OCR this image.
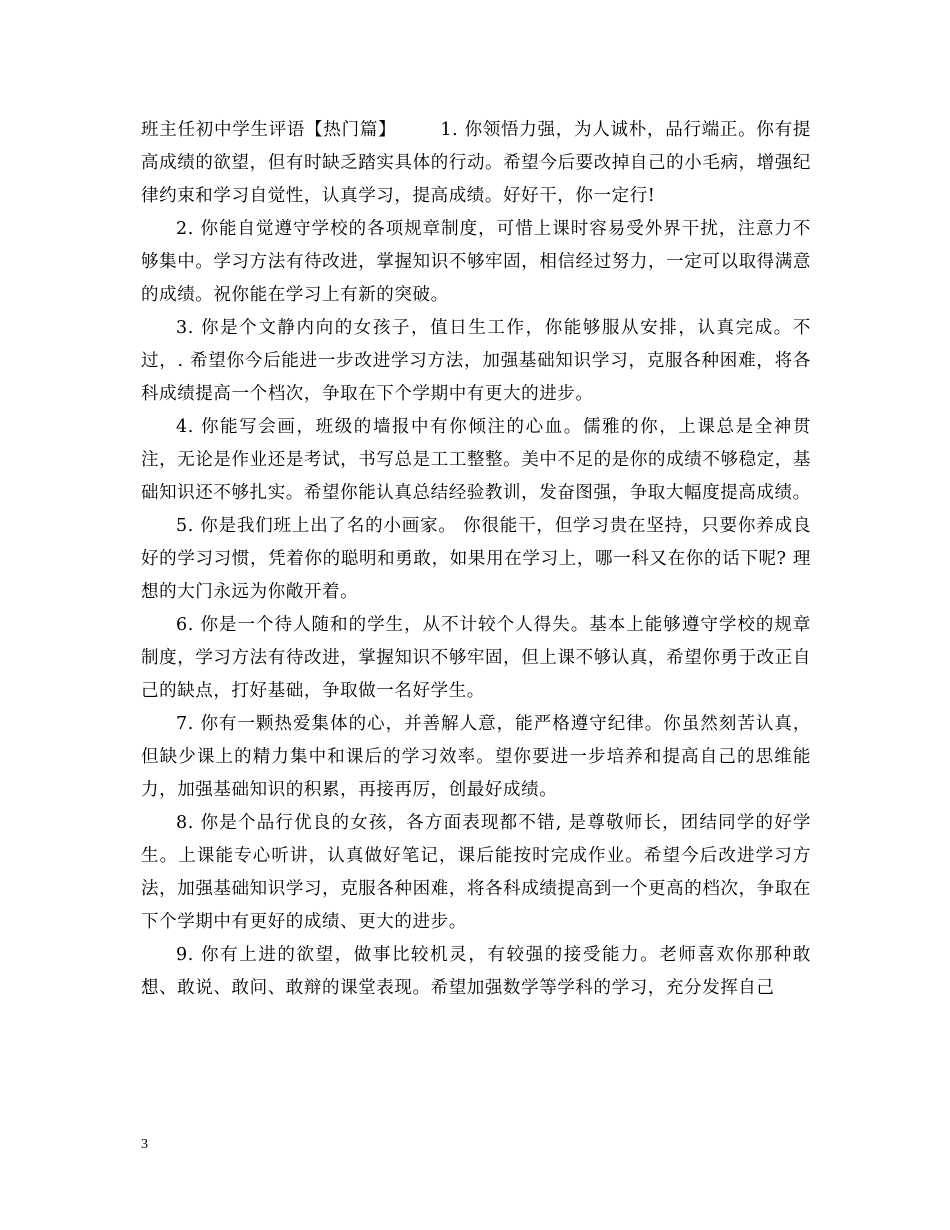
班主任初中学生评语【热门篇】	1. 你领悟力强，为人诚朴，品行端正。你有提高成绩的欲望，但有时缺乏踏实具体的行动。希望今后要改掉自己的小毛病，增强纪律约束和学习自觉性，认真学习，提高成绩。好好干，你一定行!

2. 你能自觉遵守学校的各项规章制度，可惜上课时容易受外界干扰，注意力不够集中。学习方法有待改进，掌握知识不够牢固，相信经过努力，一定可以取得满意的成绩。祝你能在学习上有新的突破。

3. 你是个文静内向的女孩子，值日生工作，你能够服从安排，认真完成。不过，. 希望你今后能进一步改进学习方法，加强基础知识学习，克服各种困难，将各科成绩提高一个档次，争取在下个学期中有更大的进步。

4. 你能写会画，班级的墙报中有你倾注的心血。儒雅的你，上课总是全神贯注，无论是作业还是考试，书写总是工工整整。美中不足的是你的成绩不够稳定，基础知识还不够扎实。希望你能认真总结经验教训，发奋图强，争取大幅度提高成绩。

5. 你是我们班上出了名的小画家。 你很能干，但学习贵在坚持，只要你养成良好的学习习惯，凭着你的聪明和勇敢，如果用在学习上，哪一科又在你的话下呢? 理想的大门永远为你敞开着。

6. 你是一个待人随和的学生，从不计较个人得失。基本上能够遵守学校的规章制度，学习方法有待改进，掌握知识不够牢固，但上课不够认真，希望你勇于改正自己的缺点，打好基础，争取做一名好学生。

7. 你有一颗热爱集体的心，并善解人意，能严格遵守纪律。你虽然刻苦认真，但缺少课上的精力集中和课后的学习效率。望你要进一步培养和提高自己的思维能力，加强基础知识的积累，再接再厉，创最好成绩。

8. 你是个品行优良的女孩，各方面表现都不错, 是尊敬师长，团结同学的好学生。上课能专心听讲，认真做好笔记，课后能按时完成作业。希望今后改进学习方法，加强基础知识学习，克服各种困难，将各科成绩提高到一个更高的档次，争取在下个学期中有更好的成绩、更大的进步。

9. 你有上进的欲望，做事比较机灵，有较强的接受能力。老师喜欢你那种敢想、敢说、敢问、敢辩的课堂表现。希望加强数学等学科的学习，充分发挥自己

3
